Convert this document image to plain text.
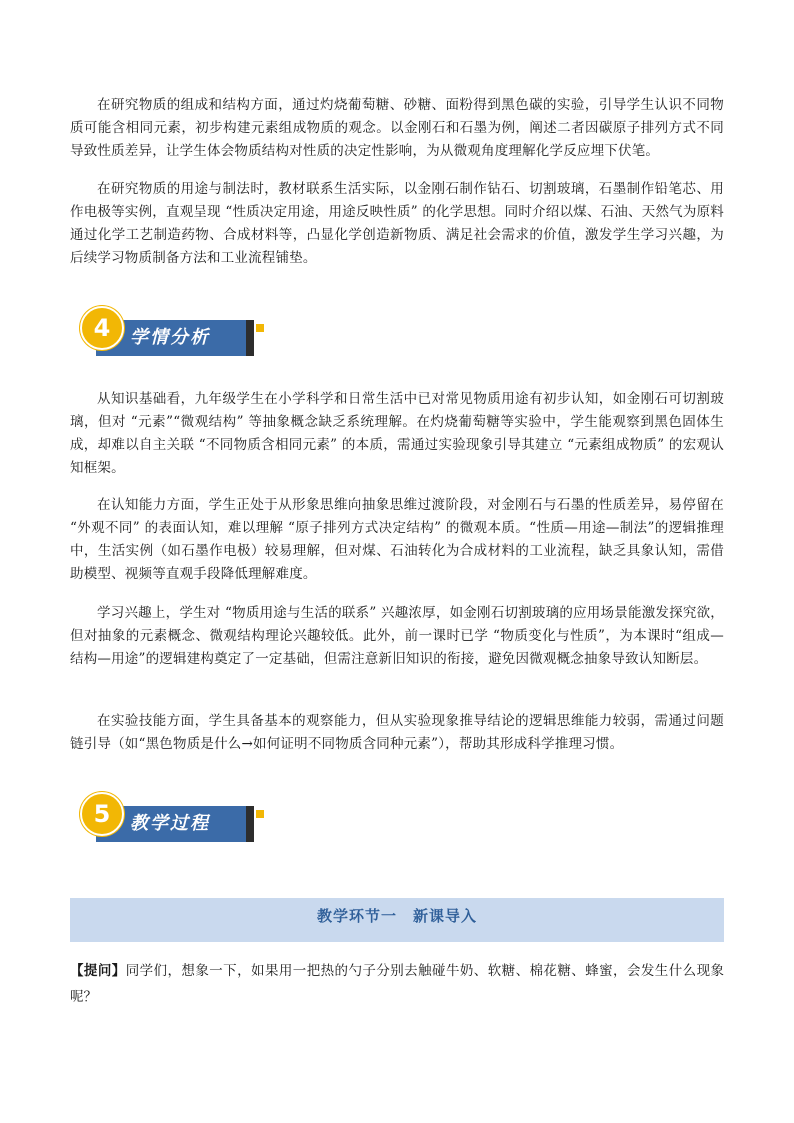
在研究物质的组成和结构方面，通过灼烧葡萄糖、砂糖、面粉得到黑色碳的实验，引导学生认识不同物质可能含相同元素，初步构建元素组成物质的观念。以金刚石和石墨为例，阐述二者因碳原子排列方式不同导致性质差异，让学生体会物质结构对性质的决定性影响，为从微观角度理解化学反应埋下伏笔。

在研究物质的用途与制法时，教材联系生活实际，以金刚石制作钻石、切割玻璃，石墨制作铅笔芯、用作电极等实例，直观呈现 “性质决定用途，用途反映性质” 的化学思想。同时介绍以煤、石油、天然气为原料通过化学工艺制造药物、合成材料等，凸显化学创造新物质、满足社会需求的价值，激发学生学习兴趣，为后续学习物质制备方法和工业流程铺垫。

4	学情分析

从知识基础看，九年级学生在小学科学和日常生活中已对常见物质用途有初步认知，如金刚石可切割玻璃，但对 “元素”“微观结构” 等抽象概念缺乏系统理解。在灼烧葡萄糖等实验中，学生能观察到黑色固体生成，却难以自主关联 “不同物质含相同元素” 的本质，需通过实验现象引导其建立 “元素组成物质” 的宏观认知框架。

在认知能力方面，学生正处于从形象思维向抽象思维过渡阶段，对金刚石与石墨的性质差异，易停留在 “外观不同” 的表面认知，难以理解 “原子排列方式决定结构” 的微观本质。“性质—用途—制法”的逻辑推理中，生活实例（如石墨作电极）较易理解，但对煤、石油转化为合成材料的工业流程，缺乏具象认知，需借助模型、视频等直观手段降低理解难度。

学习兴趣上，学生对 “物质用途与生活的联系” 兴趣浓厚，如金刚石切割玻璃的应用场景能激发探究欲，但对抽象的元素概念、微观结构理论兴趣较低。此外，前一课时已学 “物质变化与性质”，为本课时“组成—结构—用途”的逻辑建构奠定了一定基础，但需注意新旧知识的衔接，避免因微观概念抽象导致认知断层。

在实验技能方面，学生具备基本的观察能力，但从实验现象推导结论的逻辑思维能力较弱，需通过问题链引导（如“黑色物质是什么→如何证明不同物质含同种元素”），帮助其形成科学推理习惯。

5	教学过程
教学环节一　新课导入

【提问】同学们，想象一下，如果用一把热的勺子分别去触碰牛奶、软糖、棉花糖、蜂蜜，会发生什么现象呢？
